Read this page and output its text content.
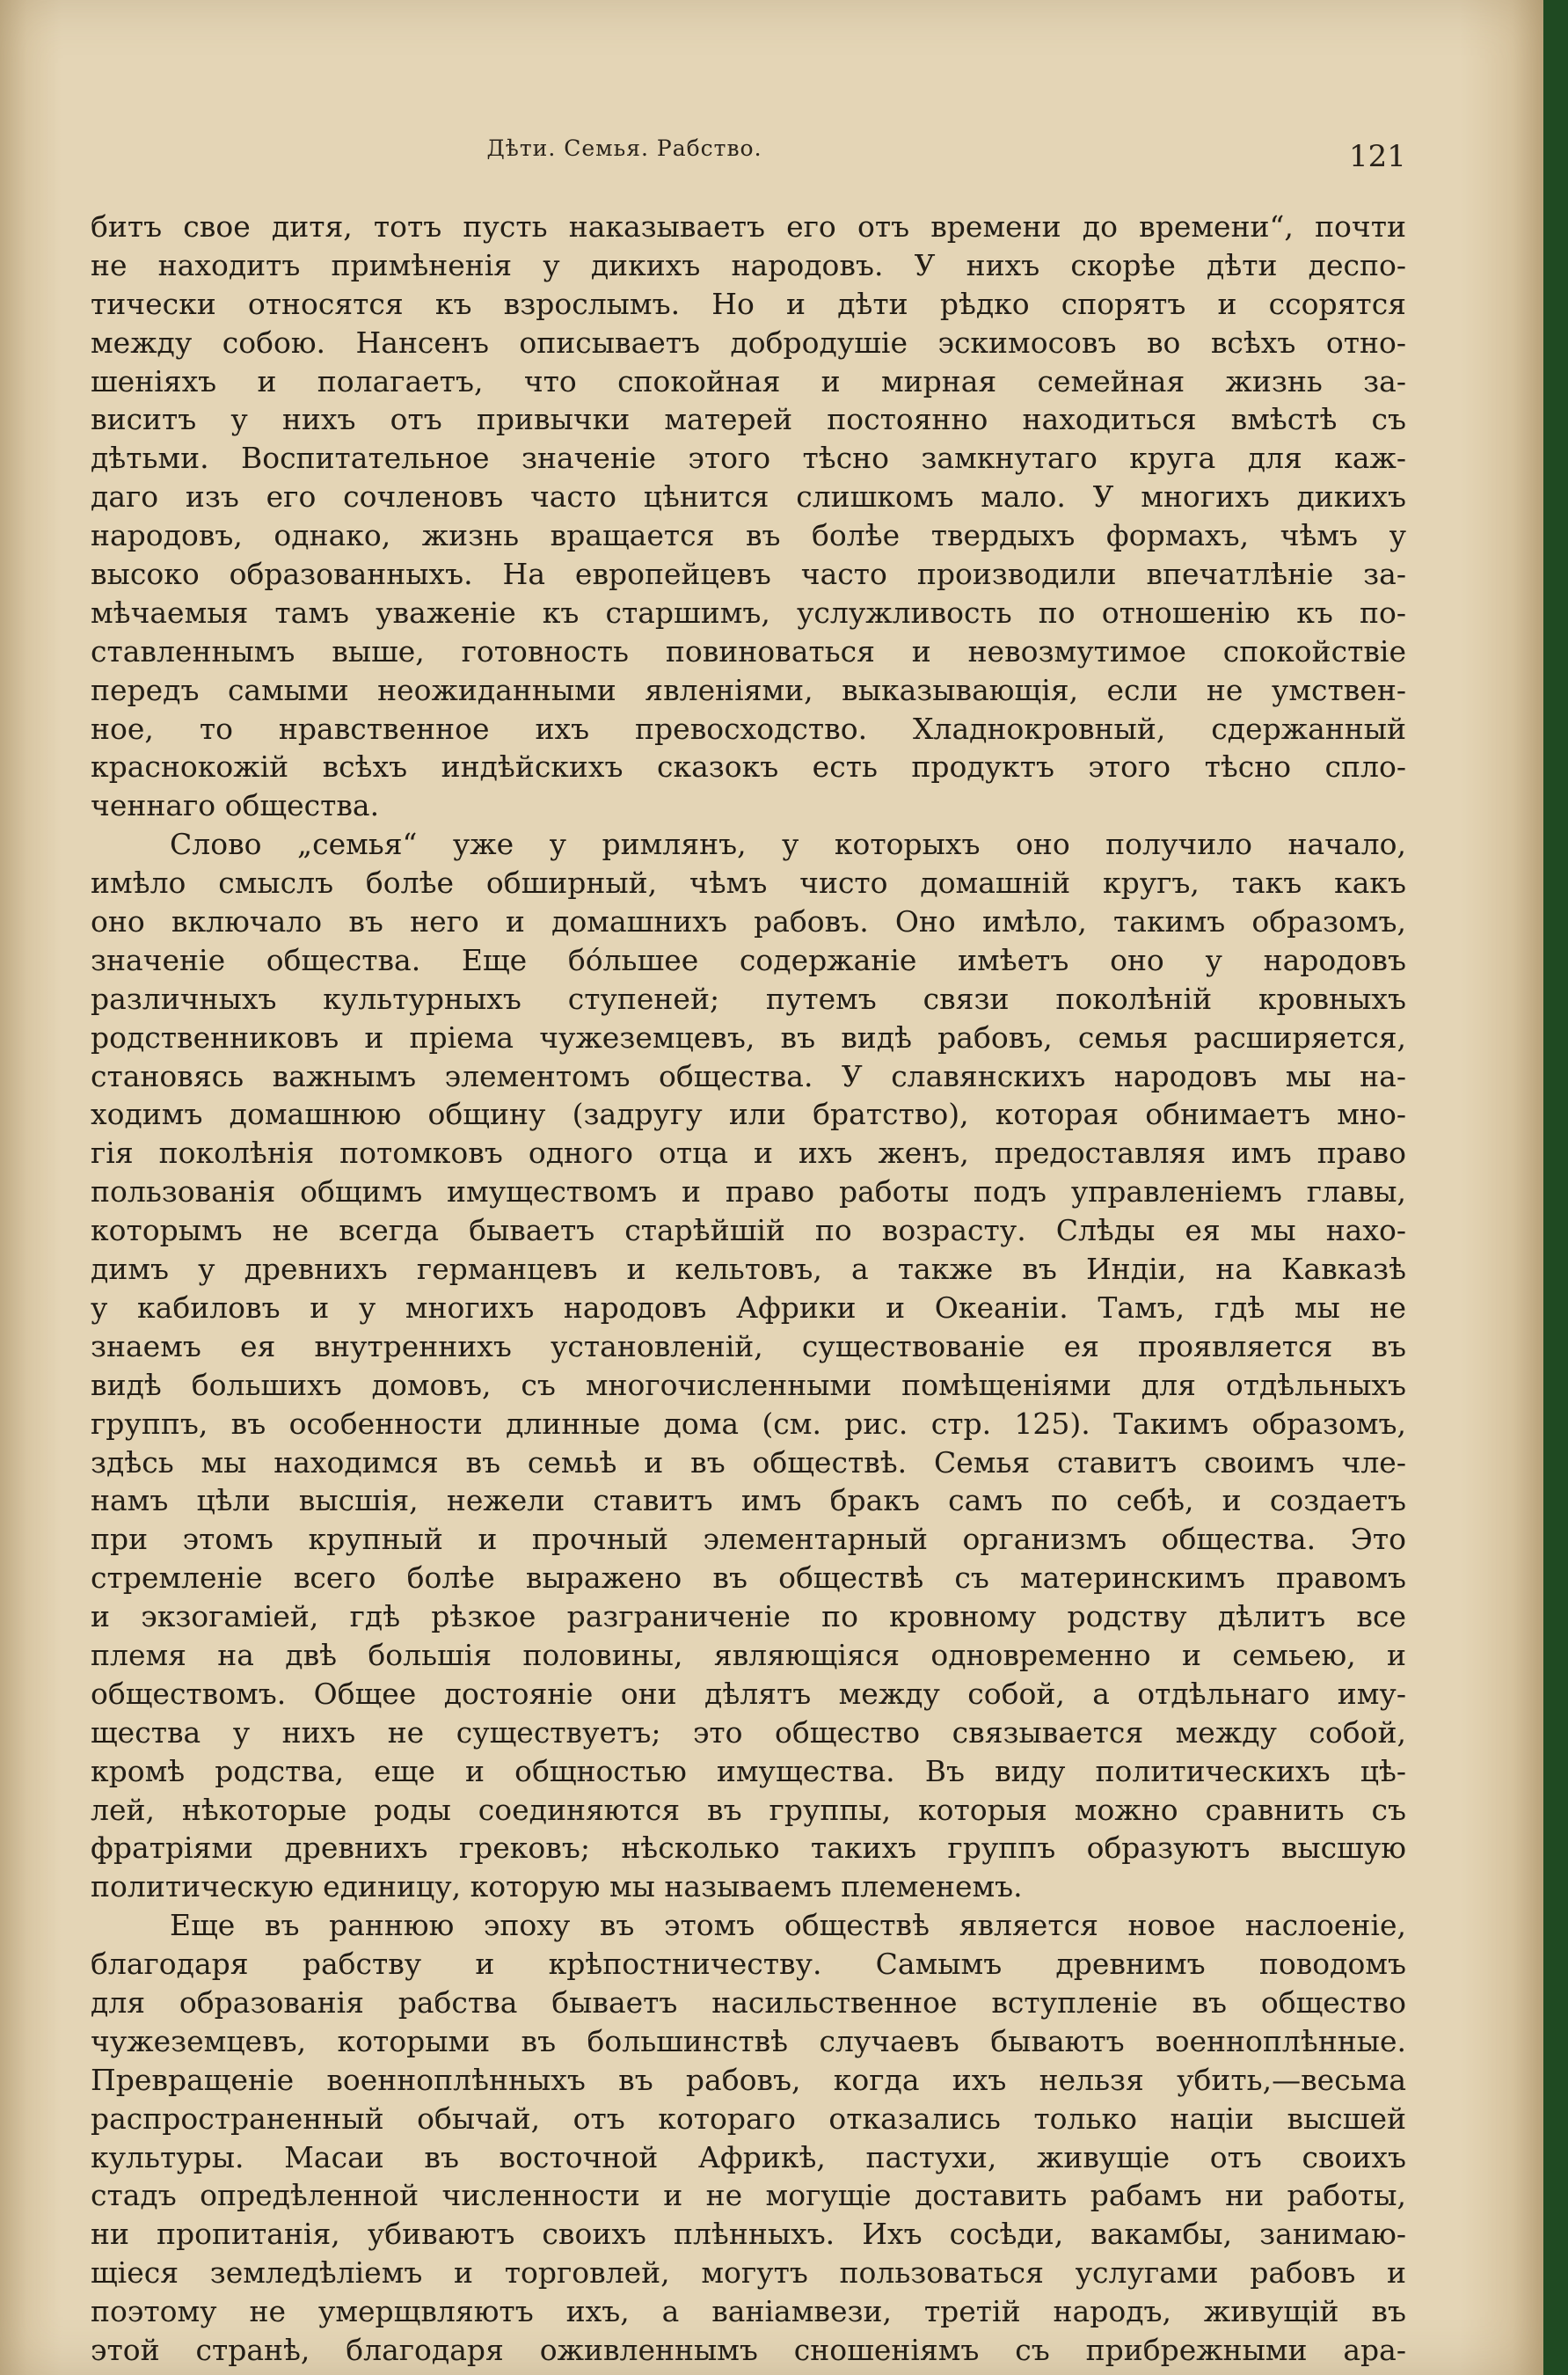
Дѣти. Семья. Рабство.	121
битъ свое дитя, тотъ пусть наказываетъ его отъ времени до времени“, почти
не находитъ примѣненія у дикихъ народовъ. У нихъ скорѣе дѣти деспо-
тически относятся къ взрослымъ. Но и дѣти рѣдко спорятъ и ссорятся
между собою. Нансенъ описываетъ добродушіе эскимосовъ во всѣхъ отно-
шеніяхъ и полагаетъ, что спокойная и мирная семейная жизнь за-
виситъ у нихъ отъ привычки матерей постоянно находиться вмѣстѣ съ
дѣтьми. Воспитательное значеніе этого тѣсно замкнутаго круга для каж-
даго изъ его сочленовъ часто цѣнится слишкомъ мало. У многихъ дикихъ
народовъ, однако, жизнь вращается въ болѣе твердыхъ формахъ, чѣмъ у
высоко образованныхъ. На европейцевъ часто производили впечатлѣніе за-
мѣчаемыя тамъ уваженіе къ старшимъ, услужливость по отношенію къ по-
ставленнымъ выше, готовность повиноваться и невозмутимое спокойствіе
передъ самыми неожиданными явленіями, выказывающія, если не умствен-
ное, то нравственное ихъ превосходство. Хладнокровный, сдержанный
краснокожій всѣхъ индѣйскихъ сказокъ есть продуктъ этого тѣсно спло-
ченнаго общества.
Слово „семья“ уже у римлянъ, у которыхъ оно получило начало,
имѣло смыслъ болѣе обширный, чѣмъ чисто домашній кругъ, такъ какъ
оно включало въ него и домашнихъ рабовъ. Оно имѣло, такимъ образомъ,
значеніе общества. Еще бо́льшее содержаніе имѣетъ оно у народовъ
различныхъ культурныхъ ступеней; путемъ связи поколѣній кровныхъ
родственниковъ и пріема чужеземцевъ, въ видѣ рабовъ, семья расширяется,
становясь важнымъ элементомъ общества. У славянскихъ народовъ мы на-
ходимъ домашнюю общину (задругу или братство), которая обнимаетъ мно-
гія поколѣнія потомковъ одного отца и ихъ женъ, предоставляя имъ право
пользованія общимъ имуществомъ и право работы подъ управленіемъ главы,
которымъ не всегда бываетъ старѣйшій по возрасту. Слѣды ея мы нахо-
димъ у древнихъ германцевъ и кельтовъ, а также въ Индіи, на Кавказѣ
у кабиловъ и у многихъ народовъ Африки и Океаніи. Тамъ, гдѣ мы не
знаемъ ея внутреннихъ установленій, существованіе ея проявляется въ
видѣ большихъ домовъ, съ многочисленными помѣщеніями для отдѣльныхъ
группъ, въ особенности длинные дома (см. рис. стр. 125). Такимъ образомъ,
здѣсь мы находимся въ семьѣ и въ обществѣ. Семья ставитъ своимъ чле-
намъ цѣли высшія, нежели ставитъ имъ бракъ самъ по себѣ, и создаетъ
при этомъ крупный и прочный элементарный организмъ общества. Это
стремленіе всего болѣе выражено въ обществѣ съ материнскимъ правомъ
и экзогаміей, гдѣ рѣзкое разграниченіе по кровному родству дѣлитъ все
племя на двѣ большія половины, являющіяся одновременно и семьею, и
обществомъ. Общее достояніе они дѣлятъ между собой, а отдѣльнаго иму-
щества у нихъ не существуетъ; это общество связывается между собой,
кромѣ родства, еще и общностью имущества. Въ виду политическихъ цѣ-
лей, нѣкоторые роды соединяются въ группы, которыя можно сравнить съ
фратріями древнихъ грековъ; нѣсколько такихъ группъ образуютъ высшую
политическую единицу, которую мы называемъ племенемъ.
Еще въ раннюю эпоху въ этомъ обществѣ является новое наслоеніе,
благодаря рабству и крѣпостничеству. Самымъ древнимъ поводомъ
для образованія рабства бываетъ насильственное вступленіе въ общество
чужеземцевъ, которыми въ большинствѣ случаевъ бываютъ военноплѣнные.
Превращеніе военноплѣнныхъ въ рабовъ, когда ихъ нельзя убить,—весьма
распространенный обычай, отъ котораго отказались только націи высшей
культуры. Масаи въ восточной Африкѣ, пастухи, живущіе отъ своихъ
стадъ опредѣленной численности и не могущіе доставить рабамъ ни работы,
ни пропитанія, убиваютъ своихъ плѣнныхъ. Ихъ сосѣди, вакамбы, занимаю-
щіеся земледѣліемъ и торговлей, могутъ пользоваться услугами рабовъ и
поэтому не умерщвляютъ ихъ, а ваніамвези, третій народъ, живущій въ
этой странѣ, благодаря оживленнымъ сношеніямъ съ прибрежными ара-
